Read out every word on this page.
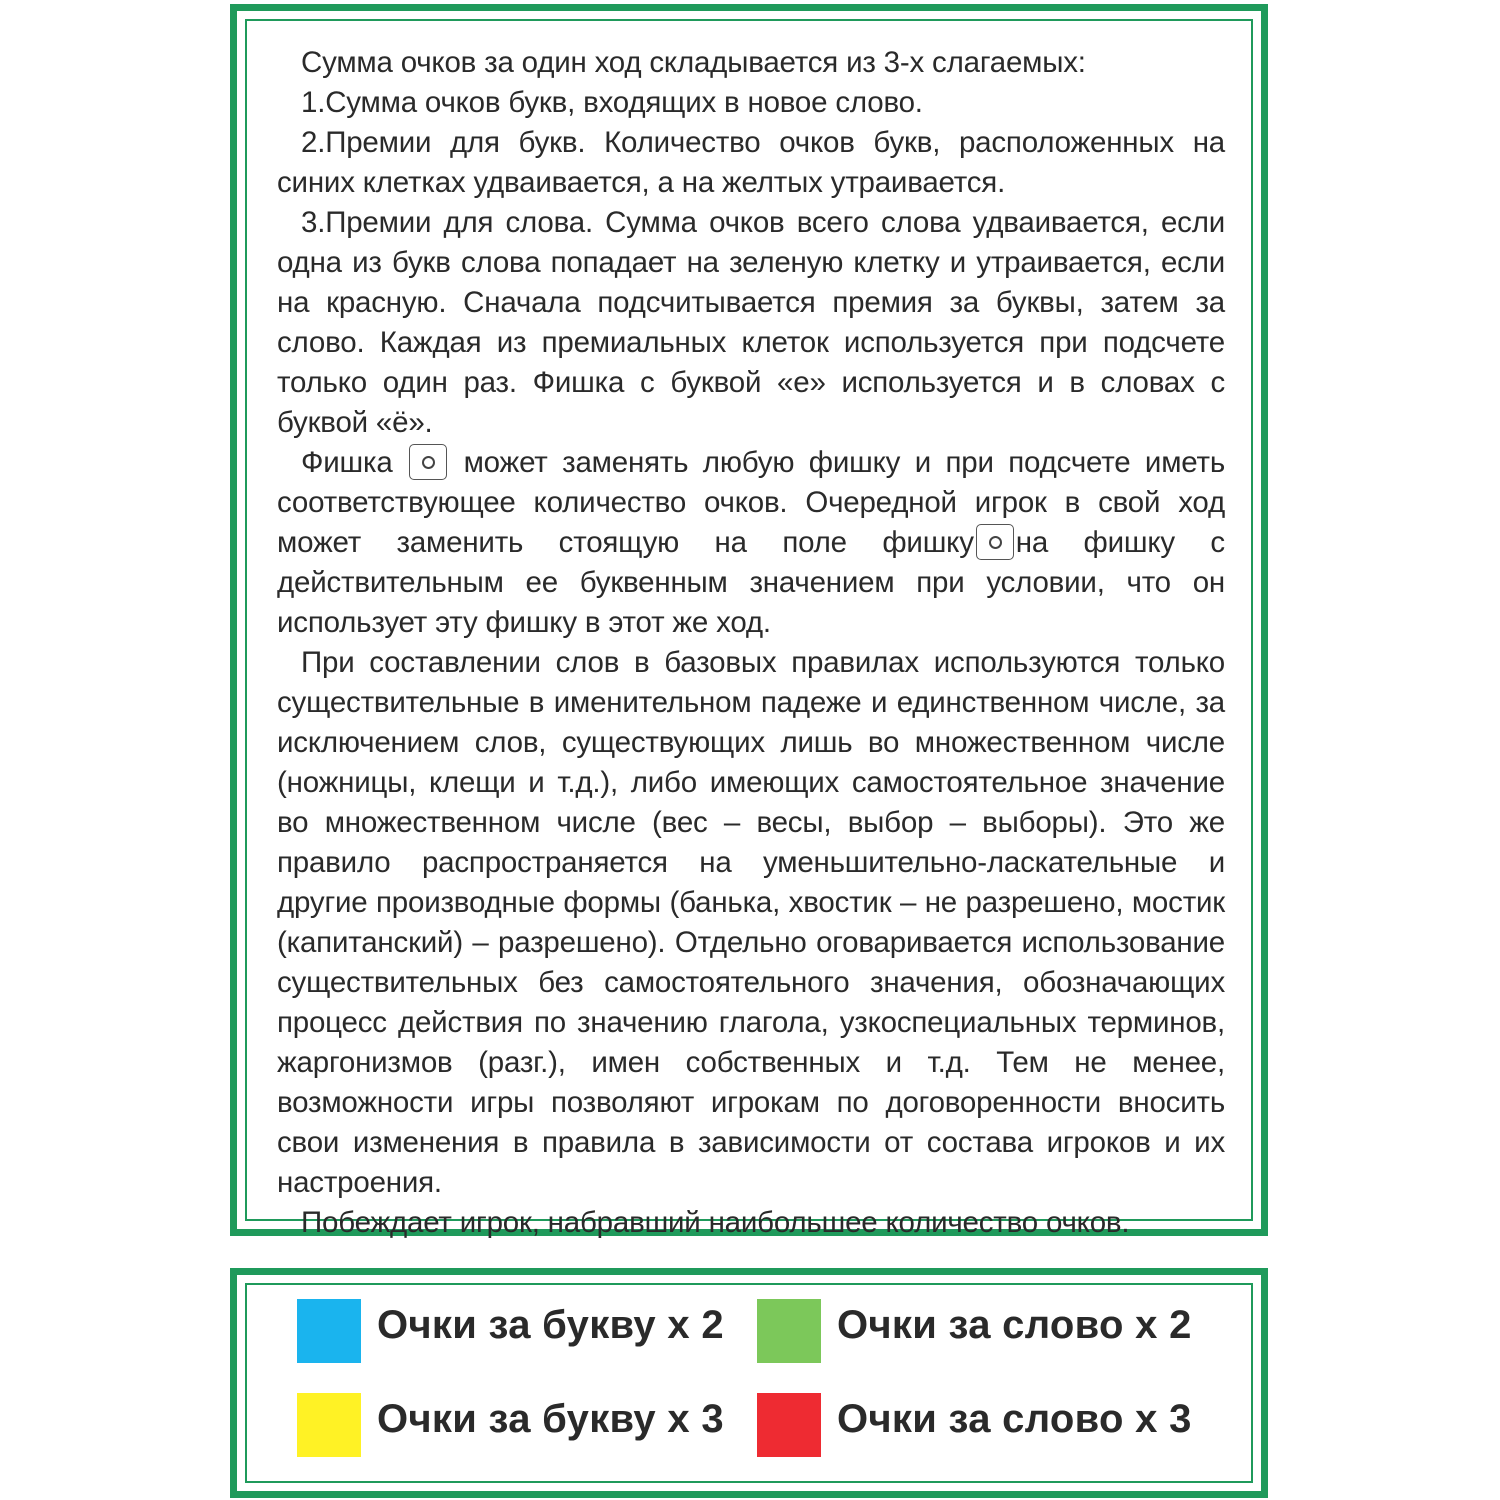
Сумма очков за один ход складывается из 3-х слагаемых:

1.Сумма очков букв, входящих в новое слово.

2.Премии для букв. Количество очков букв, расположенных на синих клетках удваивается, а на желтых утраивается.

3.Премии для слова. Сумма очков всего слова удваивается, если одна из букв слова попадает на зеленую клетку и утраивается, если на красную. Сначала подсчитывается премия за буквы, затем за слово. Каждая из премиальных клеток используется при подсчете только один раз. Фишка с буквой «е» используется и в словах с буквой «ё».

Фишка может заменять любую фишку и при подсчете иметь соответствующее количество очков. Очередной игрок в свой ход может заменить стоящую на поле фишку на фишку с действительным ее буквенным значением при условии, что он использует эту фишку в этот же ход.

При составлении слов в базовых правилах используются только существительные в именительном падеже и единственном числе, за исключением слов, существующих лишь во множественном числе (ножницы, клещи и т.д.), либо имеющих самостоятельное значение во множественном числе (вес – весы, выбор – выборы). Это же правило распространяется на уменьшительно-ласкательные и другие производные формы (банька, хвостик – не разрешено, мостик (капитанский) – разрешено). Отдельно оговаривается использование существительных без самостоятельного значения, обозначающих процесс действия по значению глагола, узкоспециальных терминов, жаргонизмов (разг.), имен собственных и т.д. Тем не менее, возможности игры позволяют игрокам по договоренности вносить свои изменения в правила в зависимости от состава игроков и их настроения.

Побеждает игрок, набравший наибольшее количество очков.

Очки за букву х 2	Очки за слово х 2
Очки за букву х 3	Очки за слово х 3
